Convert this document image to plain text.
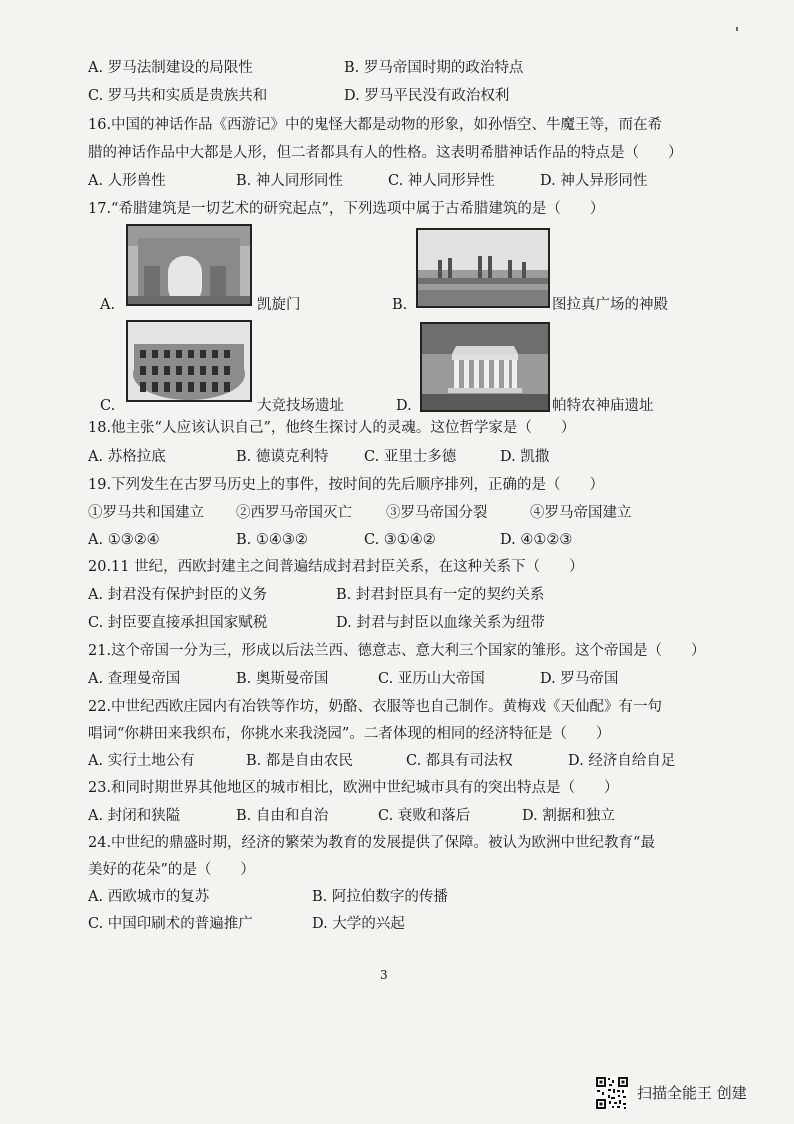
A. 罗马法制建设的局限性	B. 罗马帝国时期的政治特点
C. 罗马共和实质是贵族共和	D. 罗马平民没有政治权利
16.中国的神话作品《西游记》中的鬼怪大都是动物的形象，如孙悟空、牛魔王等，而在希
腊的神话作品中大都是人形，但二者都具有人的性格。这表明希腊神话作品的特点是（　　）
A. 人形兽性	B. 神人同形同性	C. 神人同形异性	D. 神人异形同性
17.“希腊建筑是一切艺术的研究起点”，下列选项中属于古希腊建筑的是（　　）
A.	凯旋门	B.	图拉真广场的神殿
C.	大竞技场遗址	D.	帕特农神庙遗址
18.他主张“人应该认识自己”，他终生探讨人的灵魂。这位哲学家是（　　）
A. 苏格拉底	B. 德谟克利特 C. 亚里士多德	D. 凯撒
19.下列发生在古罗马历史上的事件，按时间的先后顺序排列，正确的是（　　）
①罗马共和国建立 ②西罗马帝国灭亡 ③罗马帝国分裂	④罗马帝国建立
A. ①③②④	B. ①④③②	C. ③①④②	D. ④①②③
20.11 世纪，西欧封建主之间普遍结成封君封臣关系，在这种关系下（　　）
A. 封君没有保护封臣的义务	B. 封君封臣具有一定的契约关系
C. 封臣要直接承担国家赋税	D. 封君与封臣以血缘关系为纽带
21.这个帝国一分为三，形成以后法兰西、德意志、意大利三个国家的雏形。这个帝国是（　　）
A. 查理曼帝国	B. 奥斯曼帝国	C. 亚历山大帝国	D. 罗马帝国
22.中世纪西欧庄园内有冶铁等作坊，奶酪、衣服等也自己制作。黄梅戏《天仙配》有一句
唱词“你耕田来我织布，你挑水来我浇园”。二者体现的相同的经济特征是（　　）
A. 实行土地公有	B. 都是自由农民	C. 都具有司法权	D. 经济自给自足
23.和同时期世界其他地区的城市相比，欧洲中世纪城市具有的突出特点是（　　）
A. 封闭和狭隘	B. 自由和自治	C. 衰败和落后	D. 割据和独立
24.中世纪的鼎盛时期，经济的繁荣为教育的发展提供了保障。被认为欧洲中世纪教育“最
美好的花朵”的是（　　）
A. 西欧城市的复苏	B. 阿拉伯数字的传播
C. 中国印刷术的普遍推广	D. 大学的兴起
3
扫描全能王 创建
